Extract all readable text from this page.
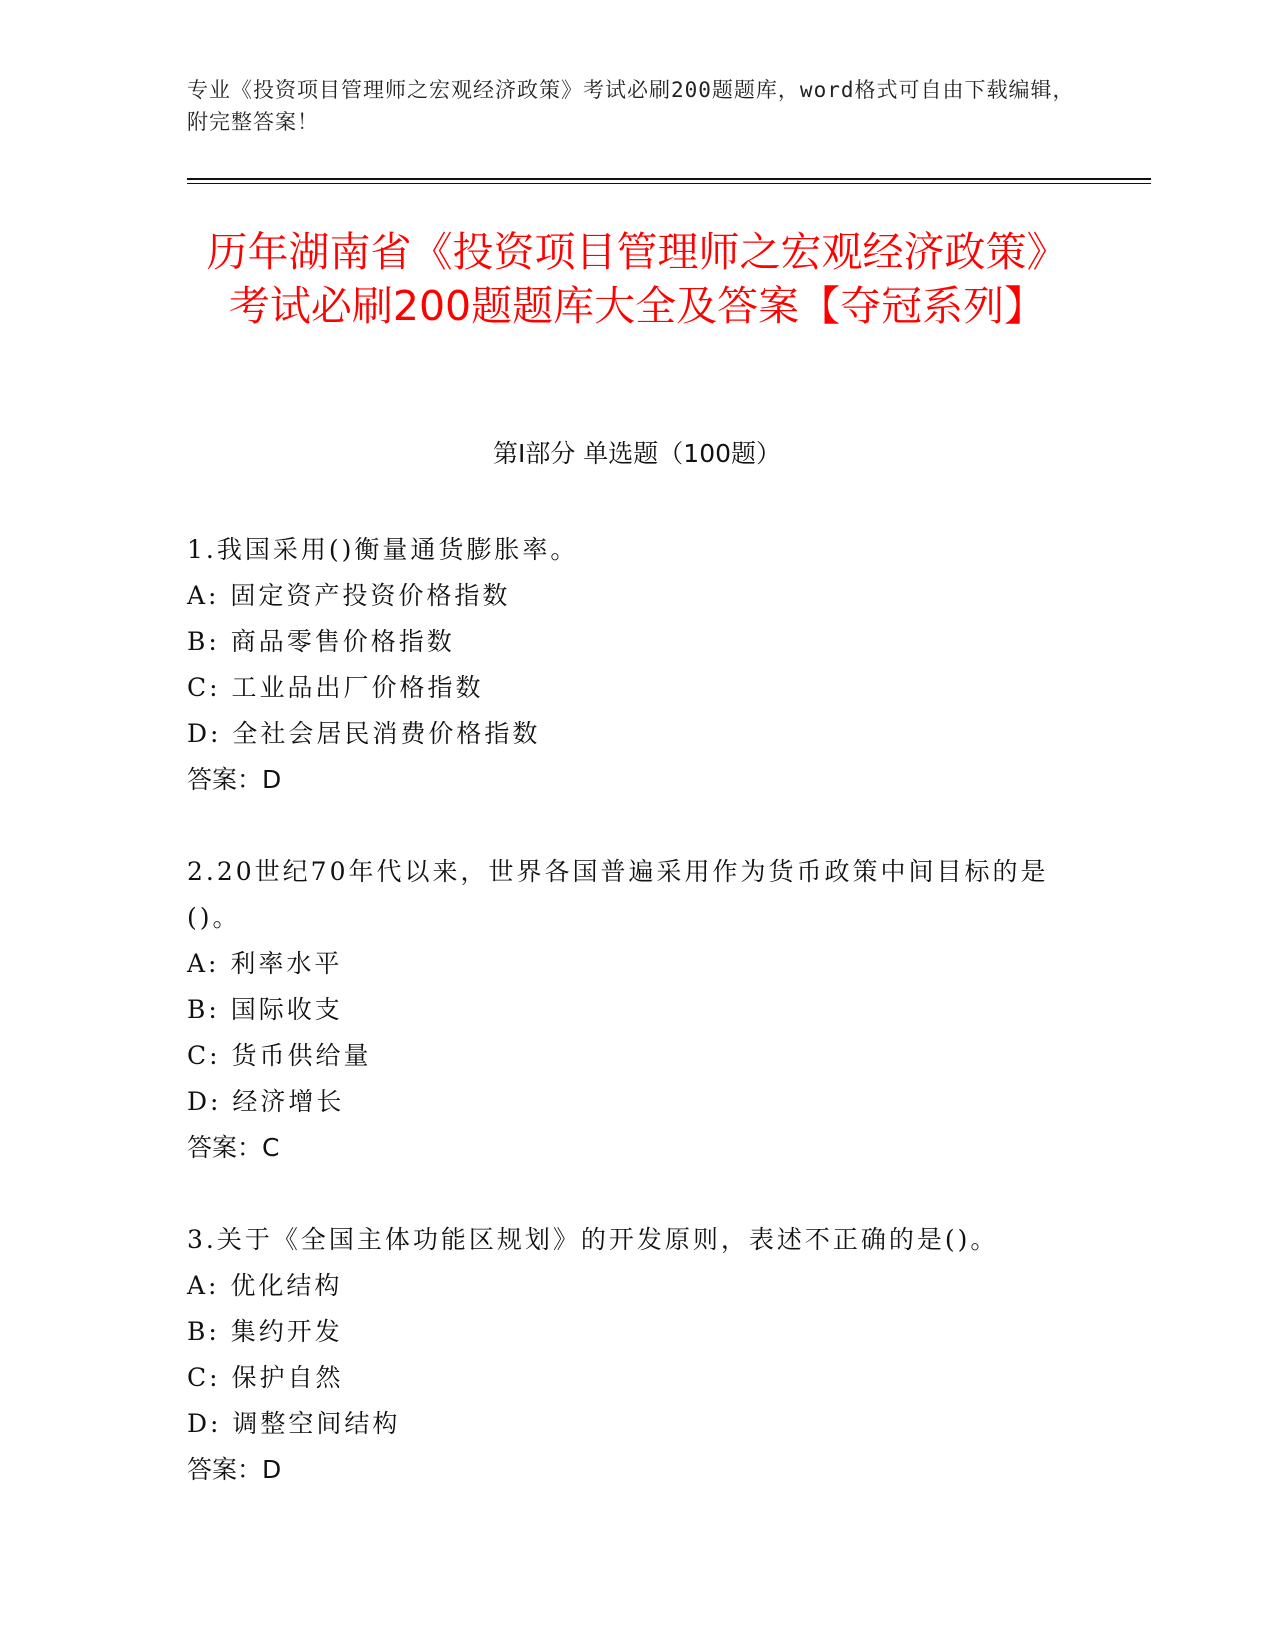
专业《投资项目管理师之宏观经济政策》考试必刷200题题库，word格式可自由下载编辑，附完整答案！
历年湖南省《投资项目管理师之宏观经济政策》考试必刷200题题库大全及答案【夺冠系列】
第I部分 单选题（100题）
1.我国采用()衡量通货膨胀率。
A: 固定资产投资价格指数
B: 商品零售价格指数
C: 工业品出厂价格指数
D: 全社会居民消费价格指数
答案：D
2.20世纪70年代以来，世界各国普遍采用作为货币政策中间目标的是()。
A: 利率水平
B: 国际收支
C: 货币供给量
D: 经济增长
答案：C
3.关于《全国主体功能区规划》的开发原则，表述不正确的是()。
A: 优化结构
B: 集约开发
C: 保护自然
D: 调整空间结构
答案：D
